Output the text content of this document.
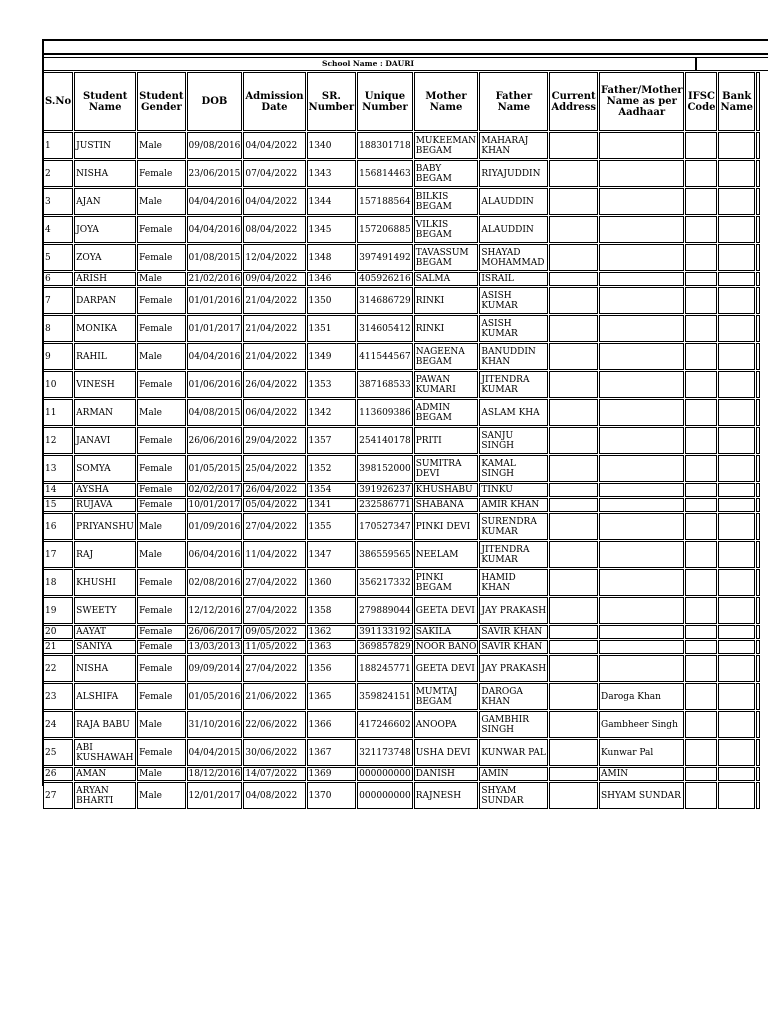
School Name : DAURI
S.No	Student Name	Student Gender	DOB	Admission Date	SR. Number	Unique Number	Mother Name	Father Name	Current Address	Father/Mother Name as per Aadhaar	IFSC Code	Bank Name	
1	JUSTIN	Male	09/08/2016	04/04/2022	1340	188301718	MUKEEMAN BEGAM	MAHARAJ KHAN					
2	NISHA	Female	23/06/2015	07/04/2022	1343	156814463	BABY BEGAM	RIYAJUDDIN					
3	AJAN	Male	04/04/2016	04/04/2022	1344	157188564	BILKIS BEGAM	ALAUDDIN					
4	JOYA	Female	04/04/2016	08/04/2022	1345	157206885	VILKIS BEGAM	ALAUDDIN					
5	ZOYA	Female	01/08/2015	12/04/2022	1348	397491492	TAVASSUM BEGAM	SHAYAD MOHAMMAD					
6	ARISH	Male	21/02/2016	09/04/2022	1346	405926216	SALMA	ISRAIL					
7	DARPAN	Female	01/01/2016	21/04/2022	1350	314686729	RINKI	ASISH KUMAR					
8	MONIKA	Female	01/01/2017	21/04/2022	1351	314605412	RINKI	ASISH KUMAR					
9	RAHIL	Male	04/04/2016	21/04/2022	1349	411544567	NAGEENA BEGAM	BANUDDIN KHAN					
10	VINESH	Female	01/06/2016	26/04/2022	1353	387168533	PAWAN KUMARI	JITENDRA KUMAR					
11	ARMAN	Male	04/08/2015	06/04/2022	1342	113609386	ADMIN BEGAM	ASLAM KHA					
12	JANAVI	Female	26/06/2016	29/04/2022	1357	254140178	PRITI	SANJU SINGH					
13	SOMYA	Female	01/05/2015	25/04/2022	1352	398152000	SUMITRA DEVI	KAMAL SINGH					
14	AYSHA	Female	02/02/2017	26/04/2022	1354	391926237	KHUSHABU	TINKU					
15	RUJAVA	Female	10/01/2017	05/04/2022	1341	232586771	SHABANA	AMIR KHAN					
16	PRIYANSHU	Male	01/09/2016	27/04/2022	1355	170527347	PINKI DEVI	SURENDRA KUMAR					
17	RAJ	Male	06/04/2016	11/04/2022	1347	386559565	NEELAM	JITENDRA KUMAR					
18	KHUSHI	Female	02/08/2016	27/04/2022	1360	356217332	PINKI BEGAM	HAMID KHAN					
19	SWEETY	Female	12/12/2016	27/04/2022	1358	279889044	GEETA DEVI	JAY PRAKASH					
20	AAYAT	Female	26/06/2017	09/05/2022	1362	391133192	SAKILA	SAVIR KHAN					
21	SANIYA	Female	13/03/2013	11/05/2022	1363	369857829	NOOR BANO	SAVIR KHAN					
22	NISHA	Female	09/09/2014	27/04/2022	1356	188245771	GEETA DEVI	JAY PRAKASH					
23	ALSHIFA	Female	01/05/2016	21/06/2022	1365	359824151	MUMTAJ BEGAM	DAROGA KHAN		Daroga Khan			
24	RAJA BABU	Male	31/10/2016	22/06/2022	1366	417246602	ANOOPA	GAMBHIR SINGH		Gambheer Singh			
25	ABI KUSHAWAH	Female	04/04/2015	30/06/2022	1367	321173748	USHA DEVI	KUNWAR PAL		Kunwar Pal			
26	AMAN	Male	18/12/2016	14/07/2022	1369	000000000	DANISH	AMIN		AMIN			
27	ARYAN BHARTI	Male	12/01/2017	04/08/2022	1370	000000000	RAJNESH	SHYAM SUNDAR		SHYAM SUNDAR			
